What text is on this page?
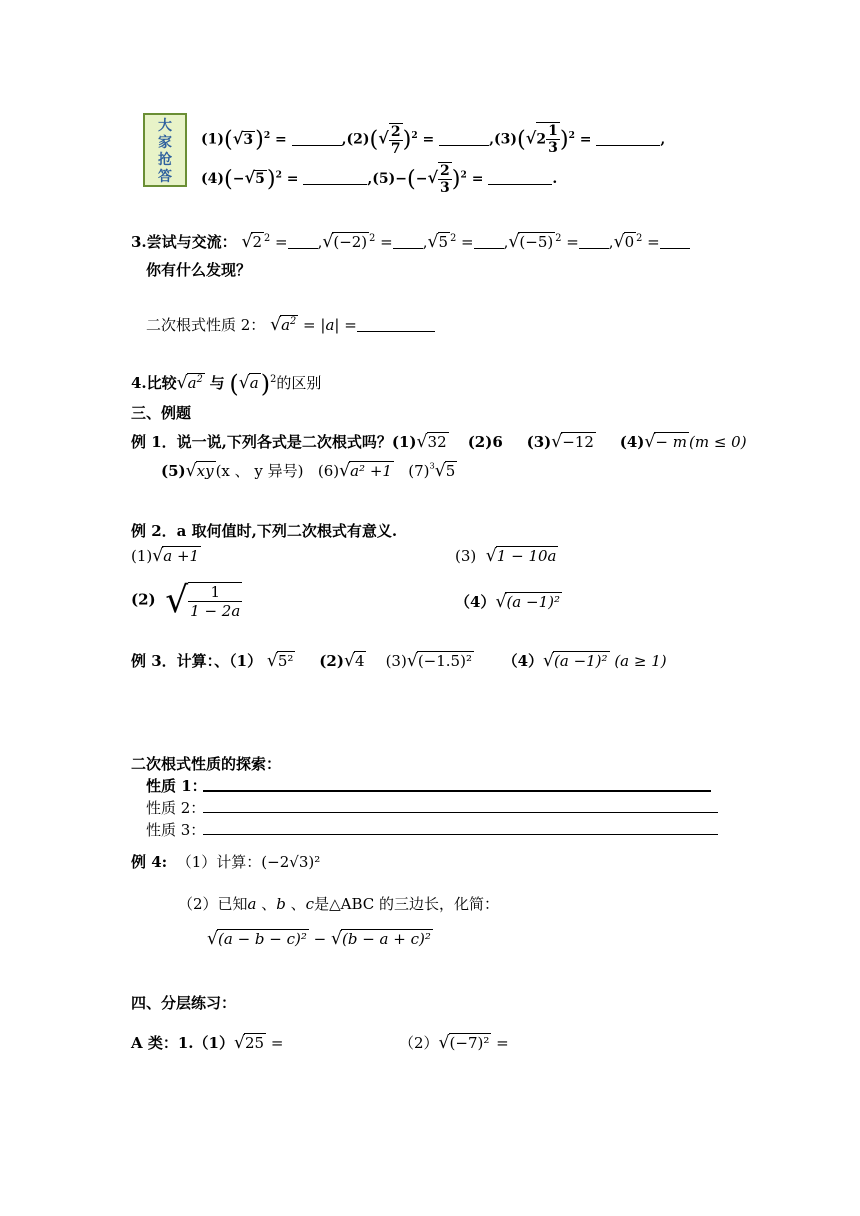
大家抢答
$(1)(√3)^2$ =	$,(2)(√ \frac{2}{7} )^2$ =	$,(3)(√2 \frac{1}{3} )^2$ =	,
$(4)(-√5)^2$ =	$,(5)-(-√ \frac{2}{3} )^2$ =	.
3.尝试与交流： √2 $^2$ = ,√(−2) $^2$ = ,√5 $^2$ = ,√(−5) $^2$ = ,√0 $^2$ =
你有什么发现？
二次根式性质 2： $√a^2 = |a|$ =
4.比较$√a^2$ 与 $(√a)^2$的区别
三、例题
例 1．说一说,下列各式是二次根式吗？(1)√32 (2)6 (3)√−12 (4)√− m (m ≤ 0)
(5)√xy (x 、 y 异号) (6)√a² +1 $(7)^3√5$
例 2．a 取何值时,下列二次根式有意义.
(1)√a +1	(3) √1 − 10a
(2) √ $\frac{1}{1 - 2a}$	（4）√(a −1)²
例 3．计算：、（1） √5² (2)√4 (3)√(−1.5)² （4）√(a −1)² (a ≥ 1)
二次根式性质的探索：
性质 1：
性质 2：
性质 3：
例 4: （1）计算：(−2√3)²
（2）已知a 、b 、c是△ABC 的三边长，化简：
√(a − b − c)² − √(b − a + c)²
四、分层练习：
A 类：1.（1）√25 =	（2）√(−7)² =
